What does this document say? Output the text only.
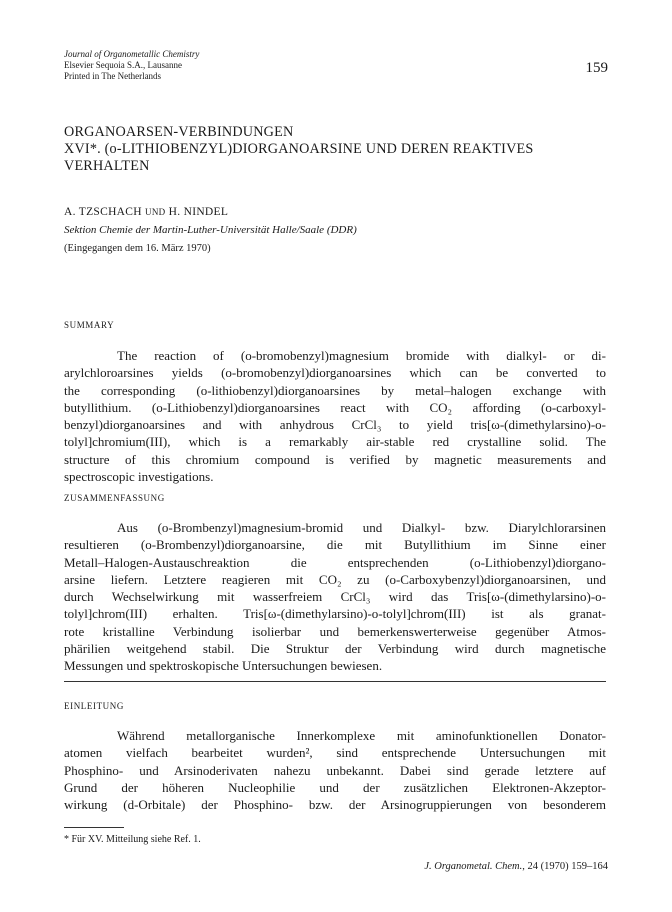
Journal of Organometallic Chemistry
Elsevier Sequoia S.A., Lausanne
Printed in The Netherlands	159
ORGANOARSEN-VERBINDUNGEN
XVI*. (o-LITHIOBENZYL)DIORGANOARSINE UND DEREN REAKTIVES
VERHALTEN
A. TZSCHACH UND H. NINDEL
Sektion Chemie der Martin-Luther-Universität Halle/Saale (DDR)
(Eingegangen dem 16. März 1970)
SUMMARY
The reaction of (o-bromobenzyl)magnesium bromide with dialkyl- or di-
arylchloroarsines yields (o-bromobenzyl)diorganoarsines which can be converted to
the corresponding (o-lithiobenzyl)diorganoarsines by metal–halogen exchange with
butyllithium. (o-Lithiobenzyl)diorganoarsines react with CO₂ affording (o-carboxyl-
benzyl)diorganoarsines and with anhydrous CrCl₃ to yield tris[ω-(dimethylarsino)-o-
tolyl]chromium(III), which is a remarkably air-stable red crystalline solid. The
structure of this chromium compound is verified by magnetic measurements and
spectroscopic investigations.
ZUSAMMENFASSUNG
Aus (o-Brombenzyl)magnesium-bromid und Dialkyl- bzw. Diarylchlorarsinen
resultieren (o-Brombenzyl)diorganoarsine, die mit Butyllithium im Sinne einer
Metall–Halogen-Austauschreaktion die entsprechenden (o-Lithiobenzyl)diorgano-
arsine liefern. Letztere reagieren mit CO₂ zu (o-Carboxybenzyl)diorganoarsinen, und
durch Wechselwirkung mit wasserfreiem CrCl₃ wird das Tris[ω-(dimethylarsino)-o-
tolyl]chrom(III) erhalten. Tris[ω-(dimethylarsino)-o-tolyl]chrom(III) ist als granat-
rote kristalline Verbindung isolierbar und bemerkenswerterweise gegenüber Atmos-
phärilien weitgehend stabil. Die Struktur der Verbindung wird durch magnetische
Messungen und spektroskopische Untersuchungen bewiesen.
EINLEITUNG
Während metallorganische Innerkomplexe mit aminofunktionellen Donator-
atomen vielfach bearbeitet wurden², sind entsprechende Untersuchungen mit
Phosphino- und Arsinoderivaten nahezu unbekannt. Dabei sind gerade letztere auf
Grund der höheren Nucleophilie und der zusätzlichen Elektronen-Akzeptor-
wirkung (d-Orbitale) der Phosphino- bzw. der Arsinogruppierungen von besonderem
* Für XV. Mitteilung siehe Ref. 1.
J. Organometal. Chem., 24 (1970) 159–164
